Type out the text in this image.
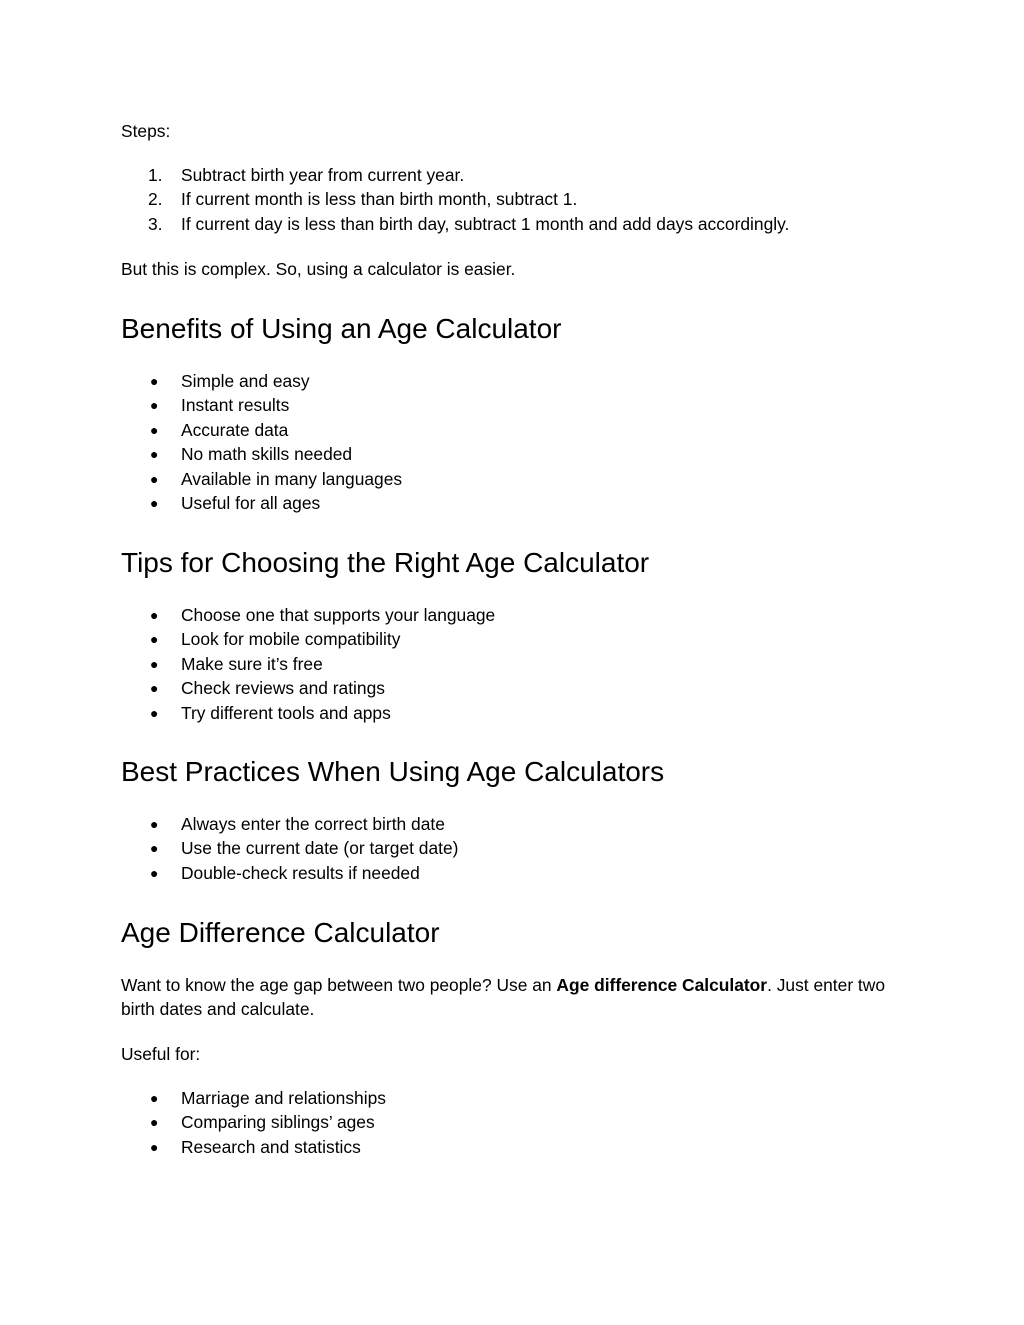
Steps:

1.	Subtract birth year from current year.
2.	If current month is less than birth month, subtract 1.
3.	If current day is less than birth day, subtract 1 month and add days accordingly.

But this is complex. So, using a calculator is easier.

Benefits of Using an Age Calculator
● Simple and easy
● Instant results
● Accurate data
● No math skills needed
● Available in many languages
● Useful for all ages
Tips for Choosing the Right Age Calculator
● Choose one that supports your language
● Look for mobile compatibility
● Make sure it’s free
● Check reviews and ratings
● Try different tools and apps
Best Practices When Using Age Calculators
● Always enter the correct birth date
● Use the current date (or target date)
● Double-check results if needed
Age Difference Calculator

Want to know the age gap between two people? Use an Age difference Calculator. Just enter two birth dates and calculate.

Useful for:

● Marriage and relationships
● Comparing siblings’ ages
● Research and statistics
